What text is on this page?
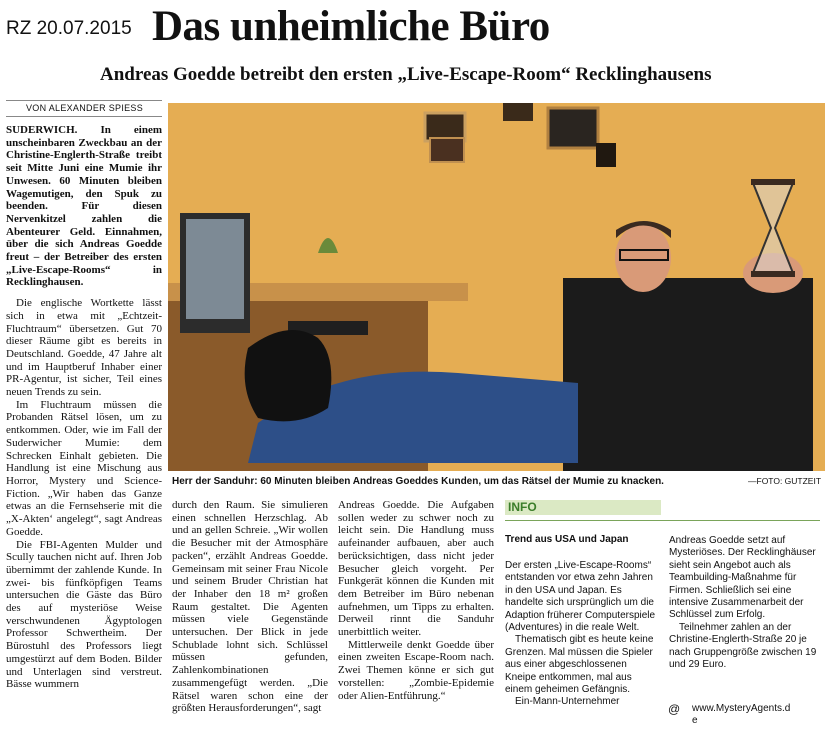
RZ 20.07.2015 Das unheimliche Büro
Andreas Goedde betreibt den ersten „Live-Escape-Room“ Recklinghausens
VON ALEXANDER SPIESS

SUDERWICH. In einem unscheinbaren Zweckbau an der Christine-Englerth-Straße treibt seit Mitte Juni eine Mumie ihr Unwesen. 60 Minuten bleiben Wagemutigen, den Spuk zu beenden. Für diesen Nervenkitzel zahlen die Abenteurer Geld. Einnahmen, über die sich Andreas Goedde freut – der Betreiber des ersten „Live-Escape-Rooms“ in Recklinghausen.

Die englische Wortkette lässt sich in etwa mit „Echtzeit-Fluchtraum“ übersetzen. Gut 70 dieser Räume gibt es bereits in Deutschland. Goedde, 47 Jahre alt und im Hauptberuf Inhaber einer PR-Agentur, ist sicher, Teil eines neuen Trends zu sein.

Im Fluchtraum müssen die Probanden Rätsel lösen, um zu entkommen. Oder, wie im Fall der Suderwicher Mumie: dem Schrecken Einhalt gebieten. Die Handlung ist eine Mischung aus Horror, Mystery und Science-Fiction. „Wir haben das Ganze etwas an die Fernsehserie mit die „X-Akten‘ angelegt“, sagt Andreas Goedde.

Die FBI-Agenten Mulder und Scully tauchen nicht auf. Ihren Job übernimmt der zahlende Kunde. In zwei- bis fünfköpfigen Teams untersuchen die Gäste das Büro des auf mysteriöse Weise verschwundenen Ägyptologen Professor Schwertheim. Der Bürostuhl des Professors liegt umgestürzt auf dem Boden. Bilder und Unterlagen sind verstreut. Bässe wummern

Herr der Sanduhr: 60 Minuten bleiben Andreas Goeddes Kunden, um das Rätsel der Mumie zu knacken.	—FOTO: GUTZEIT

durch den Raum. Sie simulieren einen schnellen Herzschlag. Ab und an gellen Schreie. „Wir wollen die Besucher mit der Atmosphäre packen“, erzählt Andreas Goedde. Gemeinsam mit seiner Frau Nicole und seinem Bruder Christian hat der Inhaber den 18 m² großen Raum gestaltet. Die Agenten müssen viele Gegenstände untersuchen. Der Blick in jede Schublade lohnt sich. Schlüssel müssen gefunden, Zahlenkombinationen zusammengefügt werden. „Die Rätsel waren schon eine der größten Herausforderungen“, sagt

Andreas Goedde. Die Aufgaben sollen weder zu schwer noch zu leicht sein. Die Handlung muss aufeinander aufbauen, aber auch berücksichtigen, dass nicht jeder Besucher gleich vorgeht. Per Funkgerät können die Kunden mit dem Betreiber im Büro nebenan aufnehmen, um Tipps zu erhalten. Derweil rinnt die Sanduhr unerbittlich weiter.

Mittlerweile denkt Goedde über einen zweiten Escape-Room nach. Zwei Themen könne er sich gut vorstellen: „Zombie-Epidemie oder Alien-Entführung.“

INFO
Trend aus USA und Japan
Der ersten „Live-Escape-Rooms“ entstanden vor etwa zehn Jahren in den USA und Japan. Es handelte sich ursprünglich um die Adaption früherer Computerspiele (Adventures) in die reale Welt.
Thematisch gibt es heute keine Grenzen. Mal müssen die Spieler aus einer abgeschlossenen Kneipe entkommen, mal aus einem geheimen Gefängnis.
Ein-Mann-Unternehmer
Andreas Goedde setzt auf Mysteriöses. Der Recklinghäuser sieht sein Angebot auch als Teambuilding-Maßnahme für Firmen. Schließlich sei eine intensive Zusammenarbeit der Schlüssel zum Erfolg.
Teilnehmer zahlen an der Christine-Englerth-Straße 20 je nach Gruppengröße zwischen 19 und 29 Euro.
@ www.MysteryAgents.de
